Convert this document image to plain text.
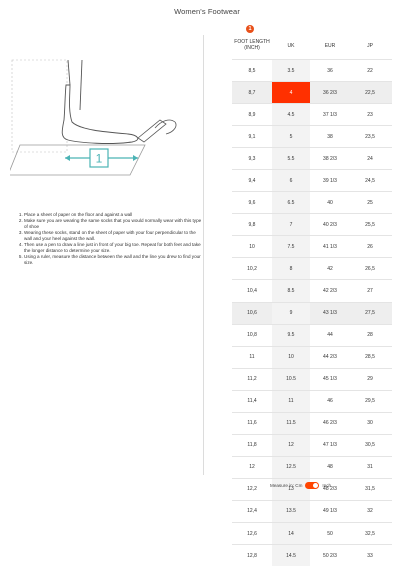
Women's Footwear
1
1. Place a sheet of paper on the floor and against a wall
2. Make sure you are wearing the same socks that you would normally wear with this type of shoe
3. Wearing these socks, stand on the sheet of paper with your four perpendicular to the wall and your heel against the wall.
4. Then use a pen to draw a line just in front of your big toe. Repeat for both feet and take the longer distance to determine your size.
5. Using a ruler, measure the distance between the wall and the line you drew to find your size.
1
FOOT LENGTH
(INCH)	UK	EUR	JP
8,5	3.5	36	22
8,7	4	36 2/3	22,5
8,9	4.5	37 1/3	23
9,1	5	38	23,5
9,3	5.5	38 2/3	24
9,4	6	39 1/3	24,5
9,6	6.5	40	25
9,8	7	40 2/3	25,5
10	7.5	41 1/3	26
10,2	8	42	26,5
10,4	8.5	42 2/3	27
10,6	9	43 1/3	27,5
10,8	9.5	44	28
11	10	44 2/3	28,5
11,2	10.5	45 1/3	29
11,4	11	46	29,5
11,6	11.5	46 2/3	30
11,8	12	47 1/3	30,5
12	12.5	48	31
12,2	13	48 2/3	31,5
12,4	13.5	49 1/3	32
12,6	14	50	32,5
12,8	14.5	50 2/3	33
Measure in: Cm	Inch
